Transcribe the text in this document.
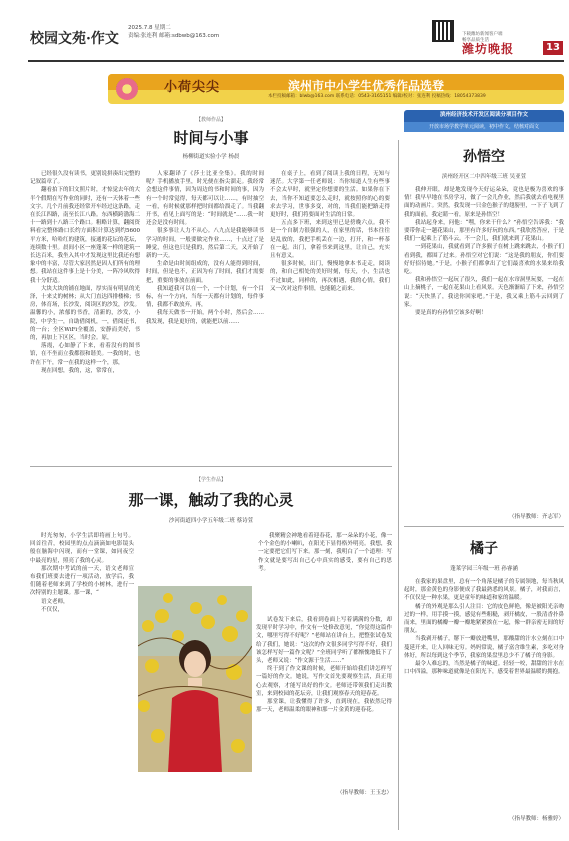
校园文苑·作文
2025.7.8 星期二
责编:张连利 邮箱:sdbwb@163.com	下载潍坊新闻客户端
畅享品质生活
潍坊晚报	13
小荷尖尖	滨州市中小学生优秀作品选登
本栏投稿邮箱：blwb@163.com 联系电话：0543-3165151 编辑/校对：张连利 投稿热线：18054373839
滨州经济技术开发区阅读分项目作文
开放市场学教学单元阅读，初中作文，结核对面文
【教师作品】
时间与小事
杨柳街道实验小学 杨晨

已经很久没有读书，更别说拼凑出完整的记叙篇章了。

翻看拍下的旧文照片时，才惊觉去年的大半个假期在写作业的同时，还有一天休着一些文字。几个月前我还经常开车经过这条路，走在长江四路，南至长江八路。东西横跨渤海二十一路到十八路三个路口。粗略计算，翻阅资料看完整体路口长约方面积计算达到约5600平方米，哈哈红的建筑，接通的花坛的花坛，连续数十里。晨间小区一座蓬莱一样的建筑一长达百米，我坐入其中才发现这里比我还有想象中的丰富，尽管大家居然是因人们所有的理想。我站在这件事上是十分美，一阵冷风吹得我十分舒适。

大块大块的铺在地面，厚实而有明显的光泽，十来丈的树林；从大门直达四排楼梯；书房，体育场，长沙发，阅读区的沙发，沙发。温馨的小，浓郁的书香，清新的，沙发，小院，中学生一，自助借阅机，一，借阅还书，的一台；全区WiFi全覆盖，安静而美好，书的，再加上下区区，当时会。原，

落霞，心如静了下来，看着没有的图书馆，在不坐而立我都很和谐美。一我的时，也许在下午，常一在我的这样一个，那，

现在回想，我的，这，常常在，

人家翻译了《莎士比亚全集》。我的时间呢？手机播放手里，时光便在指尖溜走。我经常会想这件事情，因为周边的书和时间的事，因为有一个时常觉得，每天都可以让……，有时抽空一看，有时候就那样把时间都给溜走了。当我翻开书，看见上面写的是：“时间就是”……我一时还会是没有时间。

很多事让人力不从心。八九点是我能够读书学习的时间，一般要做完作业……，十点过了是睡觉，但这也只是我的，然后第二天，又开始了新的一天。

生命是由时间组成的，没有人能得到时间，时间，但是也不，正因为有了时间，我们才需要把，重要的事放在前面。

我知道我可以在一个，一个计划，有一个目标，有一个方向，当每一天都有计划的，每件事情，我都不敢放弃，再，

我每天做书一开始，两个小时，然后会……我发现，我是更好的，就能把以前……

在桌子上，看到了阅读上我的日程，无知与迷茫。大学第一任老师说：当你知道人生有些事不会太早时，就坚定你想要的生活。如果你在下去，当你不知道要怎么走时，就按照你的心的要求去学习，世事多变，对的，当我们能把路走得更好时，我们将要面对生活的日常。

五点多下班，来到这里已是傍晚六点。我不是一个自制力很强的人，在家里的话，书本往往是乱放的，我把手机丢在一边，打开，和一杯茶在一起。出门，拿着书来到这里，让自己，充实且有意义。

很多时候，出门，慢慢地拿本书走走，阅读的，和自己相处的美好时刻，每天，小，生活也不过如此，同样的，再次相遇，我的心情，我们又一次对这件事情，也能随之而来。

孙悟空
滨州经开区二中四年级三班 吴亚萱

我伸开眼，却是地发现今天好运朵朵，竟也是极为喜欢的事情！我早早地在书房学习，做了一会儿作业，然后我就去看电视里面的动画片。突然，我发现一只金色猴子的翅膀里，一下子飞到了我的面前，我定睛一看，原来是孙悟空！

我站起身来，问他：“嘿，你来干什么？”孙悟空告诉我：“我要带你走一趟花果山，那里有许多好玩的东西。”我欣然答应，于是我们一起乘上了筋斗云。不一会儿，我们就来到了花果山。

一到花果山，我就看到了许多猴子在树上跳来跳去，小猴子们看到我，都围了过来。孙悟空对它们说：“这是我的朋友，你们要好好招待她。”于是，小猴子们都拿出了它们最喜欢的水果来给我吃。

我和孙悟空一起玩了很久，我们一起在水帘洞里玩耍，一起在山上摘桃子，一起在花果山上看风景。天色渐渐暗了下来，孙悟空说：“天快黑了，我送你回家吧。”于是，我又乘上筋斗云回到了家。

要是真的有孙悟空该多好啊！

（指导教师：齐志军）
【学生作品】
那一课，触动了我的心灵
沙河街道四小学五年级二班 蔡诗萱

时光匆匆，小学生活即将画上句号。回首往昔，校园里的点点滴滴如电影镜头般在脑海中闪现，而有一堂课，如同夜空中最亮的星，照亮了我的心灵。

那次期中考试的前一天，语文老师宣布我们班要去进行一项活动，放学后，我们随着老师来到了学校的小树林，进行一次特别的主题课。那一课，“

语文老师，

不仅仅，

我聚精会神地看着迎春花，那一朵朵的小花，像一个个金色的小喇叭，在阳光下显得格外明亮。我想，我一定要把它们写下来。那一刻，我明白了一个道理：写作文就是要写出自己心中真实的感受，要有自己的思考。

试卷发下来后，我看到卷面上写着满满的分数，却发现平时学习中，作文有一处修改意见，“你觉得这篇作文，哪里写得不好呢？”老师站在讲台上，把整张试卷发给了我们，她说：“这次的作文很多同学写得不好，我们该怎样写好一篇作文呢？”全班同学听了都惭愧地低下了头，老师又说：“作文源于生活……”

终于到了作文课的时候，老师开始给我们讲怎样写一篇好的作文。她说，写作文首先要观察生活，真正用心去观察，才能写出好的作文。老师还带领我们走出教室，来到校园的花坛旁，让我们观察春天的迎春花。

那堂课，让我懂得了许多，直到现在，我依然记得那一天，老师温柔的眼神和那一片金黄的迎春花。

（指导教师：王玉忠）
橘子
蓬莱学园三年级一班 孙睿涵

在我家的果盘里，总有一个角落是橘子的专属领地，每当秋风起时，那金黄色的身影便成了我最熟悉的风景。橘子，对我而言，不仅仅是一种水果，更是童年的味道和家的温暖。

橘子的外观是那么引人注目：它的皮色鲜艳，像是被阳光亲吻过的一样，用手摸一摸，感觉有些粗糙，剥开橘皮，一股清香扑鼻而来，里面的橘瓣一瓣一瓣地紧紧挨在一起，像一群亲密无间的好朋友。

当我剥开橘子，掰下一瓣放进嘴里，那酸甜的汁水立刻在口中蔓延开来，让人回味无穷。妈妈常说，橘子富含维生素，多吃对身体好，所以每到这个季节，我家的果盘里总少不了橘子的身影。

最令人难忘的，当然是橘子的味道。轻轻一咬，甜甜的汁水在口中四溢，那种味道就像是在阳光下，感受着世界最温暖的拥抱。

（指导教师：杨雅婷）
